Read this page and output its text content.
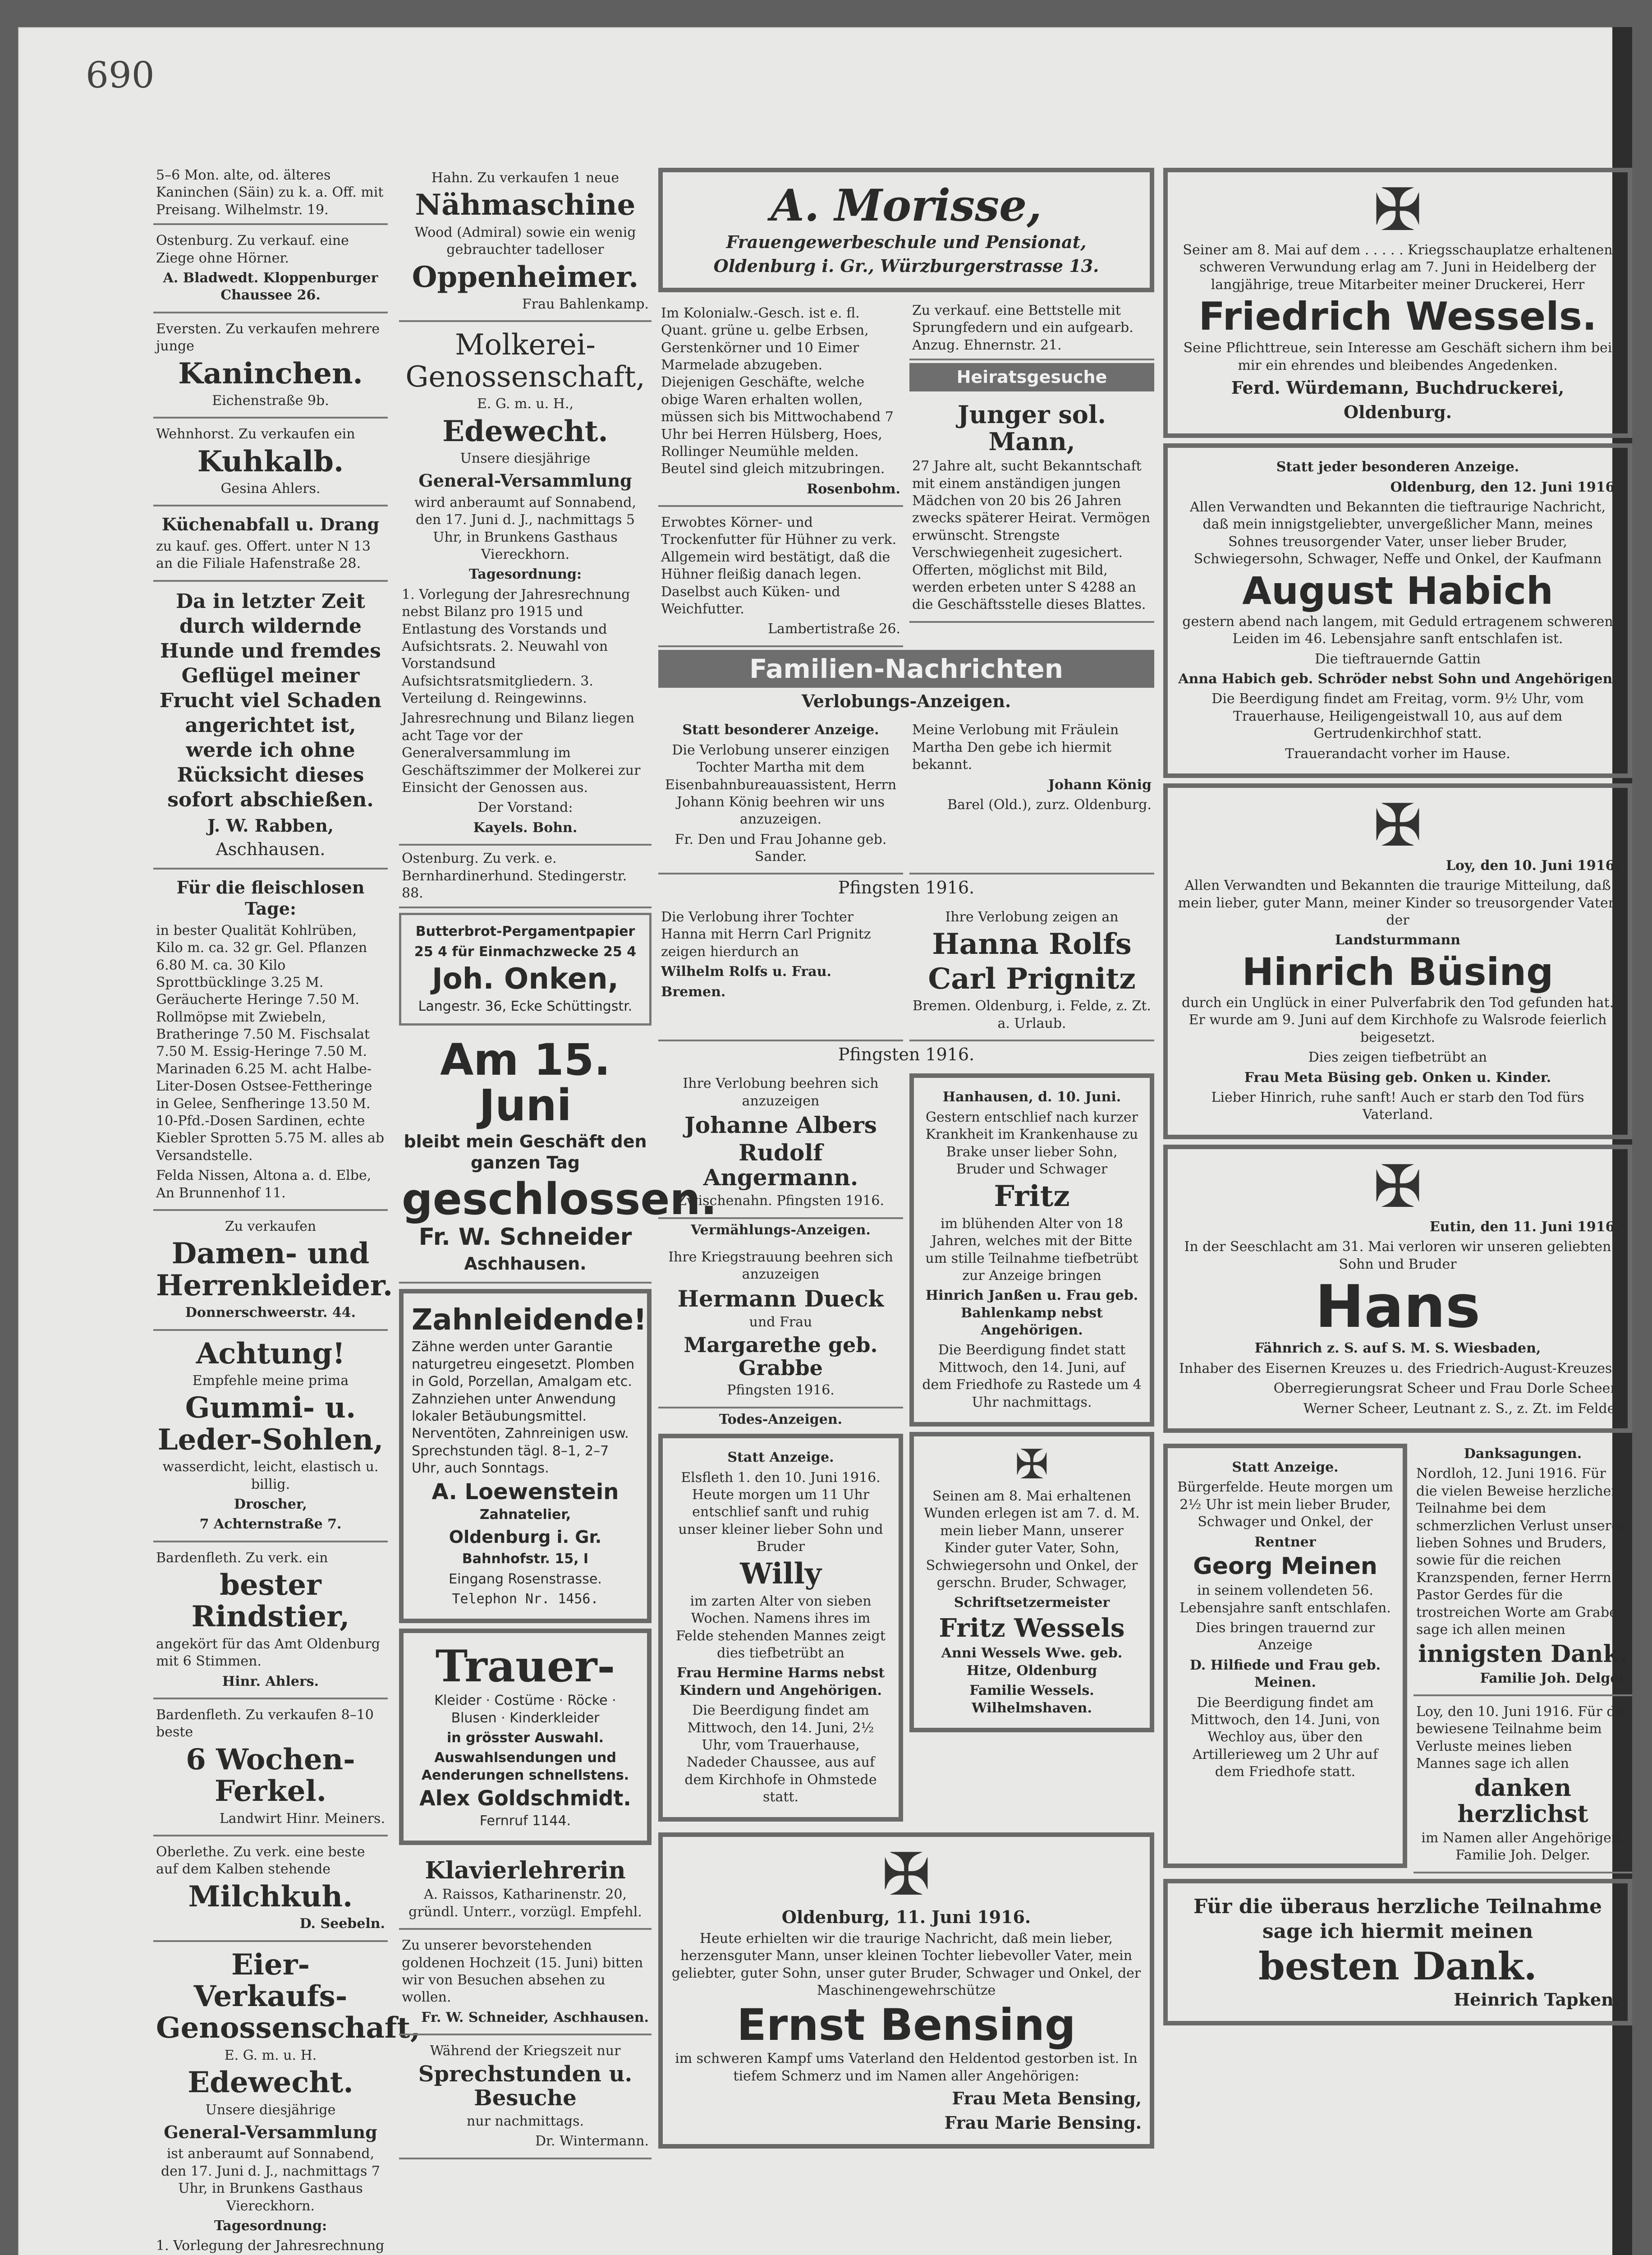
690
5–6 Mon. alte, od. älteres Kaninchen (Säin) zu k. a. Off. mit Preisang. Wilhelmstr. 19.

Ostenburg. Zu verkauf. eine Ziege ohne Hörner.

A. Bladwedt. Kloppenburger Chaussee 26.

Eversten. Zu verkaufen mehrere junge

Kaninchen.

Eichenstraße 9b.

Wehnhorst. Zu verkaufen ein

Kuhkalb.

Gesina Ahlers.

Küchenabfall u. Drang

zu kauf. ges. Offert. unter N 13 an die Filiale Hafenstraße 28.

Da in letzter Zeit durch wildernde Hunde und fremdes Geflügel meiner Frucht viel Schaden angerichtet ist, werde ich ohne Rücksicht dieses sofort abschießen.

J. W. Rabben,

Aschhausen.

Für die fleischlosen Tage:

in bester Qualität Kohlrüben, Kilo m. ca. 32 gr. Gel. Pflanzen 6.80 M. ca. 30 Kilo Sprottbücklinge 3.25 M. Geräucherte Heringe 7.50 M. Rollmöpse mit Zwiebeln, Bratheringe 7.50 M. Fischsalat 7.50 M. Essig-Heringe 7.50 M. Marinaden 6.25 M. acht Halbe-Liter-Dosen Ostsee-Fettheringe in Gelee, Senfheringe 13.50 M. 10-Pfd.-Dosen Sardinen, echte Kiebler Sprotten 5.75 M. alles ab Versandstelle.

Felda Nissen, Altona a. d. Elbe, An Brunnenhof 11.

Zu verkaufen

Damen- und Herrenkleider.

Donnerschweerstr. 44.

Achtung!

Empfehle meine prima

Gummi- u. Leder-Sohlen,

wasserdicht, leicht, elastisch u. billig.

Droscher,

7 Achternstraße 7.

Bardenfleth. Zu verk. ein

bester Rindstier,

angekört für das Amt Oldenburg mit 6 Stimmen.

Hinr. Ahlers.

Bardenfleth. Zu verkaufen 8–10 beste

6 Wochen-Ferkel.

Landwirt Hinr. Meiners.

Oberlethe. Zu verk. eine beste auf dem Kalben stehende

Milchkuh.

D. Seebeln.

Eier-Verkaufs-Genossenschaft,

E. G. m. u. H.

Edewecht.

Unsere diesjährige

General-Versammlung

ist anberaumt auf Sonnabend, den 17. Juni d. J., nachmittags 7 Uhr, in Brunkens Gasthaus Viereckhorn.

Tagesordnung:

1. Vorlegung der Jahresrechnung

Hahn. Zu verkaufen 1 neue

Nähmaschine

Wood (Admiral) sowie ein wenig gebrauchter tadelloser

Oppenheimer.

Frau Bahlenkamp.

Molkerei-Genossenschaft,

E. G. m. u. H.,

Edewecht.

Unsere diesjährige

General-Versammlung

wird anberaumt auf Sonnabend, den 17. Juni d. J., nachmittags 5 Uhr, in Brunkens Gasthaus Viereckhorn.

Tagesordnung:

1. Vorlegung der Jahresrechnung nebst Bilanz pro 1915 und Entlastung des Vorstands und Aufsichtsrats. 2. Neuwahl von Vorstandsund Aufsichtsratsmitgliedern. 3. Verteilung d. Reingewinns.

Jahresrechnung und Bilanz liegen acht Tage vor der Generalversammlung im Geschäftszimmer der Molkerei zur Einsicht der Genossen aus.

Der Vorstand:

Kayels. Bohn.

Ostenburg. Zu verk. e. Bernhardinerhund. Stedingerstr. 88.

Butterbrot-Pergamentpapier

25 4 für Einmachzwecke 25 4

Joh. Onken,

Langestr. 36, Ecke Schüttingstr.

Am 15. Juni

bleibt mein Geschäft den ganzen Tag

geschlossen.

Fr. W. Schneider

Aschhausen.

Zahnleidende!

Zähne werden unter Garantie naturgetreu eingesetzt. Plomben in Gold, Porzellan, Amalgam etc. Zahnziehen unter Anwendung lokaler Betäubungsmittel. Nerventöten, Zahnreinigen usw. Sprechstunden tägl. 8–1, 2–7 Uhr, auch Sonntags.

A. Loewenstein

Zahnatelier,

Oldenburg i. Gr.

Bahnhofstr. 15, I

Eingang Rosenstrasse.

Telephon Nr. 1456.

Trauer-

Kleider · Costüme · Röcke · Blusen · Kinderkleider

in grösster Auswahl.

Auswahlsendungen und Aenderungen schnellstens.

Alex Goldschmidt.

Fernruf 1144.

Klavierlehrerin

A. Raissos, Katharinenstr. 20, gründl. Unterr., vorzügl. Empfehl.

Zu unserer bevorstehenden goldenen Hochzeit (15. Juni) bitten wir von Besuchen absehen zu wollen.

Fr. W. Schneider, Aschhausen.

Während der Kriegszeit nur

Sprechstunden u. Besuche

nur nachmittags.

Dr. Wintermann.

A. Morisse,

Frauengewerbeschule und Pensionat,

Oldenburg i. Gr., Würzburgerstrasse 13.

Im Kolonialw.-Gesch. ist e. fl. Quant. grüne u. gelbe Erbsen, Gerstenkörner und 10 Eimer Marmelade abzugeben. Diejenigen Geschäfte, welche obige Waren erhalten wollen, müssen sich bis Mittwochabend 7 Uhr bei Herren Hülsberg, Hoes, Rollinger Neumühle melden. Beutel sind gleich mitzubringen.

Rosenbohm.

Erwobtes Körner- und Trockenfutter für Hühner zu verk. Allgemein wird bestätigt, daß die Hühner fleißig danach legen. Daselbst auch Küken- und Weichfutter.

Lambertistraße 26.

Zu verkauf. eine Bettstelle mit Sprungfedern und ein aufgearb. Anzug. Ehnernstr. 21.
Heiratsgesuche

Junger sol. Mann,

27 Jahre alt, sucht Bekanntschaft mit einem anständigen jungen Mädchen von 20 bis 26 Jahren zwecks späterer Heirat. Vermögen erwünscht. Strengste Verschwiegenheit zugesichert. Offerten, möglichst mit Bild, werden erbeten unter S 4288 an die Geschäftsstelle dieses Blattes.

Familien-Nachrichten

Verlobungs-Anzeigen.

Statt besonderer Anzeige.

Die Verlobung unserer einzigen Tochter Martha mit dem Eisenbahnbureauassistent, Herrn Johann König beehren wir uns anzuzeigen.

Fr. Den und Frau Johanne geb. Sander.

Meine Verlobung mit Fräulein Martha Den gebe ich hiermit bekannt.

Johann König

Barel (Old.), zurz. Oldenburg.

Pfingsten 1916.

Die Verlobung ihrer Tochter Hanna mit Herrn Carl Prignitz zeigen hierdurch an

Wilhelm Rolfs u. Frau.

Bremen.

Ihre Verlobung zeigen an

Hanna Rolfs

Carl Prignitz

Bremen. Oldenburg, i. Felde, z. Zt. a. Urlaub.

Pfingsten 1916.

Ihre Verlobung beehren sich anzuzeigen

Johanne Albers

Rudolf Angermann.

Zwischenahn. Pfingsten 1916.

Vermählungs-Anzeigen.

Ihre Kriegstrauung beehren sich anzuzeigen

Hermann Dueck

und Frau

Margarethe geb. Grabbe

Pfingsten 1916.

Todes-Anzeigen.

Statt Anzeige.

Elsfleth 1. den 10. Juni 1916. Heute morgen um 11 Uhr entschlief sanft und ruhig unser kleiner lieber Sohn und Bruder

Willy

im zarten Alter von sieben Wochen. Namens ihres im Felde stehenden Mannes zeigt dies tiefbetrübt an

Frau Hermine Harms nebst Kindern und Angehörigen.

Die Beerdigung findet am Mittwoch, den 14. Juni, 2½ Uhr, vom Trauerhause, Nadeder Chaussee, aus auf dem Kirchhofe in Ohmstede statt.

Hanhausen, d. 10. Juni.

Gestern entschlief nach kurzer Krankheit im Krankenhause zu Brake unser lieber Sohn, Bruder und Schwager

Fritz

im blühenden Alter von 18 Jahren, welches mit der Bitte um stille Teilnahme tiefbetrübt zur Anzeige bringen

Hinrich Janßen u. Frau geb. Bahlenkamp nebst Angehörigen.

Die Beerdigung findet statt Mittwoch, den 14. Juni, auf dem Friedhofe zu Rastede um 4 Uhr nachmittags.

✠

Seinen am 8. Mai erhaltenen Wunden erlegen ist am 7. d. M. mein lieber Mann, unserer Kinder guter Vater, Sohn, Schwiegersohn und Onkel, der gerschn. Bruder, Schwager,

Schriftsetzermeister

Fritz Wessels

Anni Wessels Wwe. geb. Hitze, Oldenburg

Familie Wessels. Wilhelmshaven.

✠

Oldenburg, 11. Juni 1916.

Heute erhielten wir die traurige Nachricht, daß mein lieber, herzensguter Mann, unser kleinen Tochter liebevoller Vater, mein geliebter, guter Sohn, unser guter Bruder, Schwager und Onkel, der Maschinengewehrschütze

Ernst Bensing

im schweren Kampf ums Vaterland den Heldentod gestorben ist. In tiefem Schmerz und im Namen aller Angehörigen:

Frau Meta Bensing,

Frau Marie Bensing.

✠

Seiner am 8. Mai auf dem . . . . . Kriegsschauplatze erhaltenen schweren Verwundung erlag am 7. Juni in Heidelberg der langjährige, treue Mitarbeiter meiner Druckerei, Herr

Friedrich Wessels.

Seine Pflichttreue, sein Interesse am Geschäft sichern ihm bei mir ein ehrendes und bleibendes Angedenken.

Ferd. Würdemann, Buchdruckerei,

Oldenburg.

Statt jeder besonderen Anzeige.

Oldenburg, den 12. Juni 1916.

Allen Verwandten und Bekannten die tieftraurige Nachricht, daß mein innigstgeliebter, unvergeßlicher Mann, meines Sohnes treusorgender Vater, unser lieber Bruder, Schwiegersohn, Schwager, Neffe und Onkel, der Kaufmann

August Habich

gestern abend nach langem, mit Geduld ertragenem schweren Leiden im 46. Lebensjahre sanft entschlafen ist.

Die tieftrauernde Gattin

Anna Habich geb. Schröder nebst Sohn und Angehörigen.

Die Beerdigung findet am Freitag, vorm. 9½ Uhr, vom Trauerhause, Heiligengeistwall 10, aus auf dem Gertrudenkirchhof statt.

Trauerandacht vorher im Hause.

✠

Loy, den 10. Juni 1916.

Allen Verwandten und Bekannten die traurige Mitteilung, daß mein lieber, guter Mann, meiner Kinder so treusorgender Vater, der

Landsturmmann

Hinrich Büsing

durch ein Unglück in einer Pulverfabrik den Tod gefunden hat. Er wurde am 9. Juni auf dem Kirchhofe zu Walsrode feierlich beigesetzt.

Dies zeigen tiefbetrübt an

Frau Meta Büsing geb. Onken u. Kinder.

Lieber Hinrich, ruhe sanft! Auch er starb den Tod fürs Vaterland.

✠

Eutin, den 11. Juni 1916.

In der Seeschlacht am 31. Mai verloren wir unseren geliebten Sohn und Bruder

Hans

Fähnrich z. S. auf S. M. S. Wiesbaden,

Inhaber des Eisernen Kreuzes u. des Friedrich-August-Kreuzes.

Oberregierungsrat Scheer und Frau Dorle Scheer.

Werner Scheer, Leutnant z. S., z. Zt. im Felde.

Statt Anzeige.

Bürgerfelde. Heute morgen um 2½ Uhr ist mein lieber Bruder, Schwager und Onkel, der

Rentner

Georg Meinen

in seinem vollendeten 56. Lebensjahre sanft entschlafen.

Dies bringen trauernd zur Anzeige

D. Hilfiede und Frau geb. Meinen.

Die Beerdigung findet am Mittwoch, den 14. Juni, von Wechloy aus, über den Artillerieweg um 2 Uhr auf dem Friedhofe statt.

Danksagungen.

Nordloh, 12. Juni 1916. Für die vielen Beweise herzlicher Teilnahme bei dem schmerzlichen Verlust unseres lieben Sohnes und Bruders, sowie für die reichen Kranzspenden, ferner Herrn Pastor Gerdes für die trostreichen Worte am Grabe, sage ich allen meinen

innigsten Dank.

Familie Joh. Delger.

Loy, den 10. Juni 1916. Für die bewiesene Teilnahme beim Verluste meines lieben Mannes sage ich allen

danken herzlichst

im Namen aller Angehörigen. Familie Joh. Delger.

Für die überaus herzliche Teilnahme sage ich hiermit meinen

besten Dank.

Heinrich Tapken.
